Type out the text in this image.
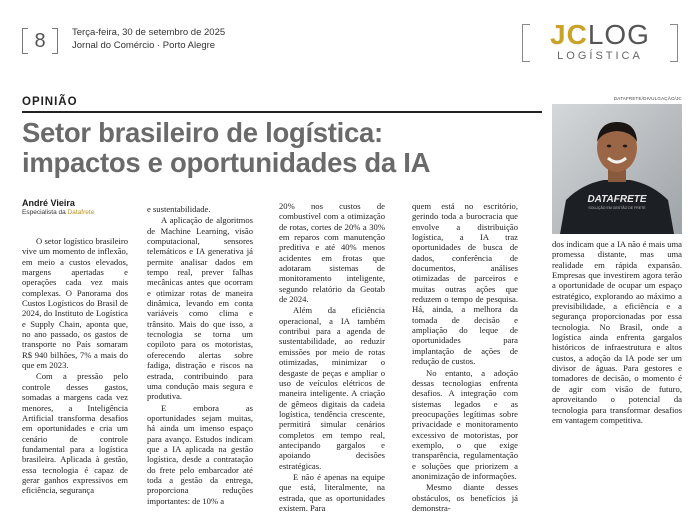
8	Terça-feira, 30 de setembro de 2025
Jornal do Comércio · Porto Alegre	JCLOG
LOGÍSTICA
OPINIÃO
Setor brasileiro de logística:
impactos e oportunidades da IA
DATAFRETE/DIVULGAÇÃO/JC
DATAFRETE
SOLUÇÃO EM GESTÃO DE FRETE
André Vieira
Especialista da Datafrete

O setor logístico brasileiro vive um momento de inflexão, em meio a custos elevados, margens apertadas e operações cada vez mais complexas. O Panorama dos Custos Logísticos do Brasil de 2024, do Instituto de Logística e Supply Chain, aponta que, no ano passado, os gastos de transporte no País somaram R$ 940 bilhões, 7% a mais do que em 2023.

Com a pressão pelo controle desses gastos, somadas a margens cada vez menores, a Inteligência Artificial transforma desafios em oportunidades e cria um cenário de controle fundamental para a logística brasileira. Aplicada à gestão, essa tecnologia é capaz de gerar ganhos expressivos em eficiência, segurança

e sustentabilidade.

A aplicação de algoritmos de Machine Learning, visão computacional, sensores telemáticos e IA generativa já permite analisar dados em tempo real, prever falhas mecânicas antes que ocorram e otimizar rotas de maneira dinâmica, levando em conta variáveis como clima e trânsito. Mais do que isso, a tecnologia se torna um copiloto para os motoristas, oferecendo alertas sobre fadiga, distração e riscos na estrada, contribuindo para uma condução mais segura e produtiva.

E embora as oportunidades sejam muitas, há ainda um imenso espaço para avanço. Estudos indicam que a IA aplicada na gestão logística, desde a contratação do frete pelo embarcador até toda a gestão da entrega, proporciona reduções importantes: de 10% a

20% nos custos de combustível com a otimização de rotas, cortes de 20% a 30% em reparos com manutenção preditiva e até 40% menos acidentes em frotas que adotaram sistemas de monitoramento inteligente, segundo relatório da Geotab de 2024.

Além da eficiência operacional, a IA também contribui para a agenda de sustentabilidade, ao reduzir emissões por meio de rotas otimizadas, minimizar o desgaste de peças e ampliar o uso de veículos elétricos de maneira inteligente. A criação de gêmeos digitais da cadeia logística, tendência crescente, permitirá simular cenários completos em tempo real, antecipando gargalos e apoiando decisões estratégicas.

E não é apenas na equipe que está, literalmente, na estrada, que as oportunidades existem. Para

quem está no escritório, gerindo toda a burocracia que envolve a distribuição logística, a IA traz oportunidades de busca de dados, conferência de documentos, análises otimizadas de parceiros e muitas outras ações que reduzem o tempo de pesquisa. Há, ainda, a melhora da tomada de decisão e ampliação do leque de oportunidades para implantação de ações de redução de custos.

No entanto, a adoção dessas tecnologias enfrenta desafios. A integração com sistemas legados e as preocupações legítimas sobre privacidade e monitoramento excessivo de motoristas, por exemplo, o que exige transparência, regulamentação e soluções que priorizem a anonimização de informações.

Mesmo diante desses obstáculos, os benefícios já demonstra-

dos indicam que a IA não é mais uma promessa distante, mas uma realidade em rápida expansão. Empresas que investirem agora terão a oportunidade de ocupar um espaço estratégico, explorando ao máximo a previsibilidade, a eficiência e a segurança proporcionadas por essa tecnologia. No Brasil, onde a logística ainda enfrenta gargalos históricos de infraestrutura e altos custos, a adoção da IA pode ser um divisor de águas. Para gestores e tomadores de decisão, o momento é de agir com visão de futuro, aproveitando o potencial da tecnologia para transformar desafios em vantagem competitiva.
